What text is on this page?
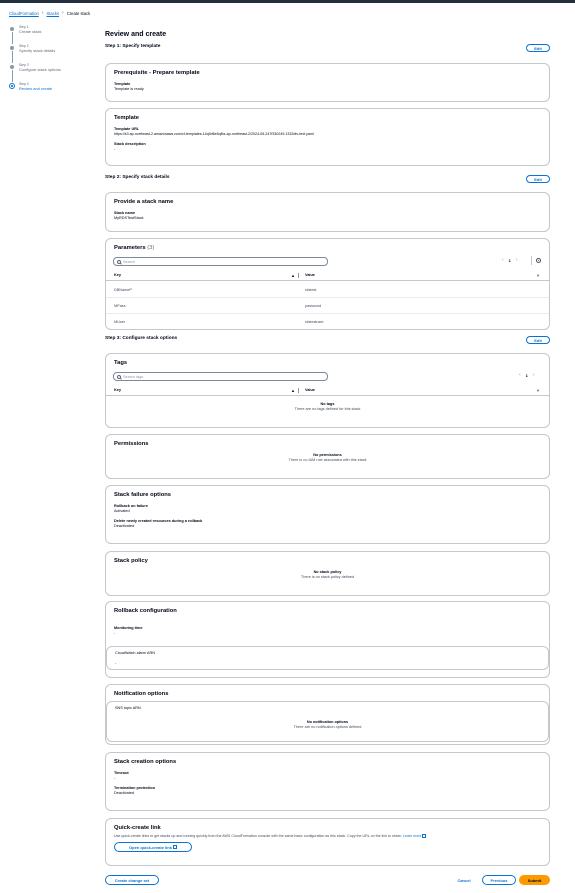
CloudFormation › Stacks › Create stack
Step 1
Create stack
Step 2
Specify stack details
Step 3
Configure stack options
Step 4
Review and create
Review and create
Step 1: Specify template	Edit
Prerequisite - Prepare template
Template
Template is ready
Template
Template URL
https://s3.ap-northeast-2.amazonaws.com/cf-templates-14q9d6e5qfbz-ap-northeast-2/2024-05-247f330249.1332dtv-text.yaml
Stack description
-
Step 2: Specify stack details	Edit
Provide a stack name
Stack name
MyRDSTestStack
Parameters (3)
Search	‹ 1 ›
Key	▲	Value	▼
DBNameP	rdstest
MPass	password
MUser	rdstestuser
Step 3: Configure stack options	Edit
Tags
Search tags	‹ 1 ›
Key	▲	Value	▼
No tags
There are no tags defined for this stack
Permissions
No permissions
There is no IAM role associated with this stack
Stack failure options
Rollback on failure
Activated
Delete newly created resources during a rollback
Deactivated
Stack policy
No stack policy
There is no stack policy defined
Rollback configuration
Monitoring time
-
CloudWatch alarm ARN
-
Notification options
SNS topic ARN
No notification options
There are no notification options defined
Stack creation options
Timeout
-
Termination protection
Deactivated
Quick-create link
Use quick-create links to get stacks up and running quickly from the AWS CloudFormation console with the same basic configuration as this stack. Copy the URL on the link to share. Learn more
Open quick-create link
Create change set	Cancel	Previous	Submit
